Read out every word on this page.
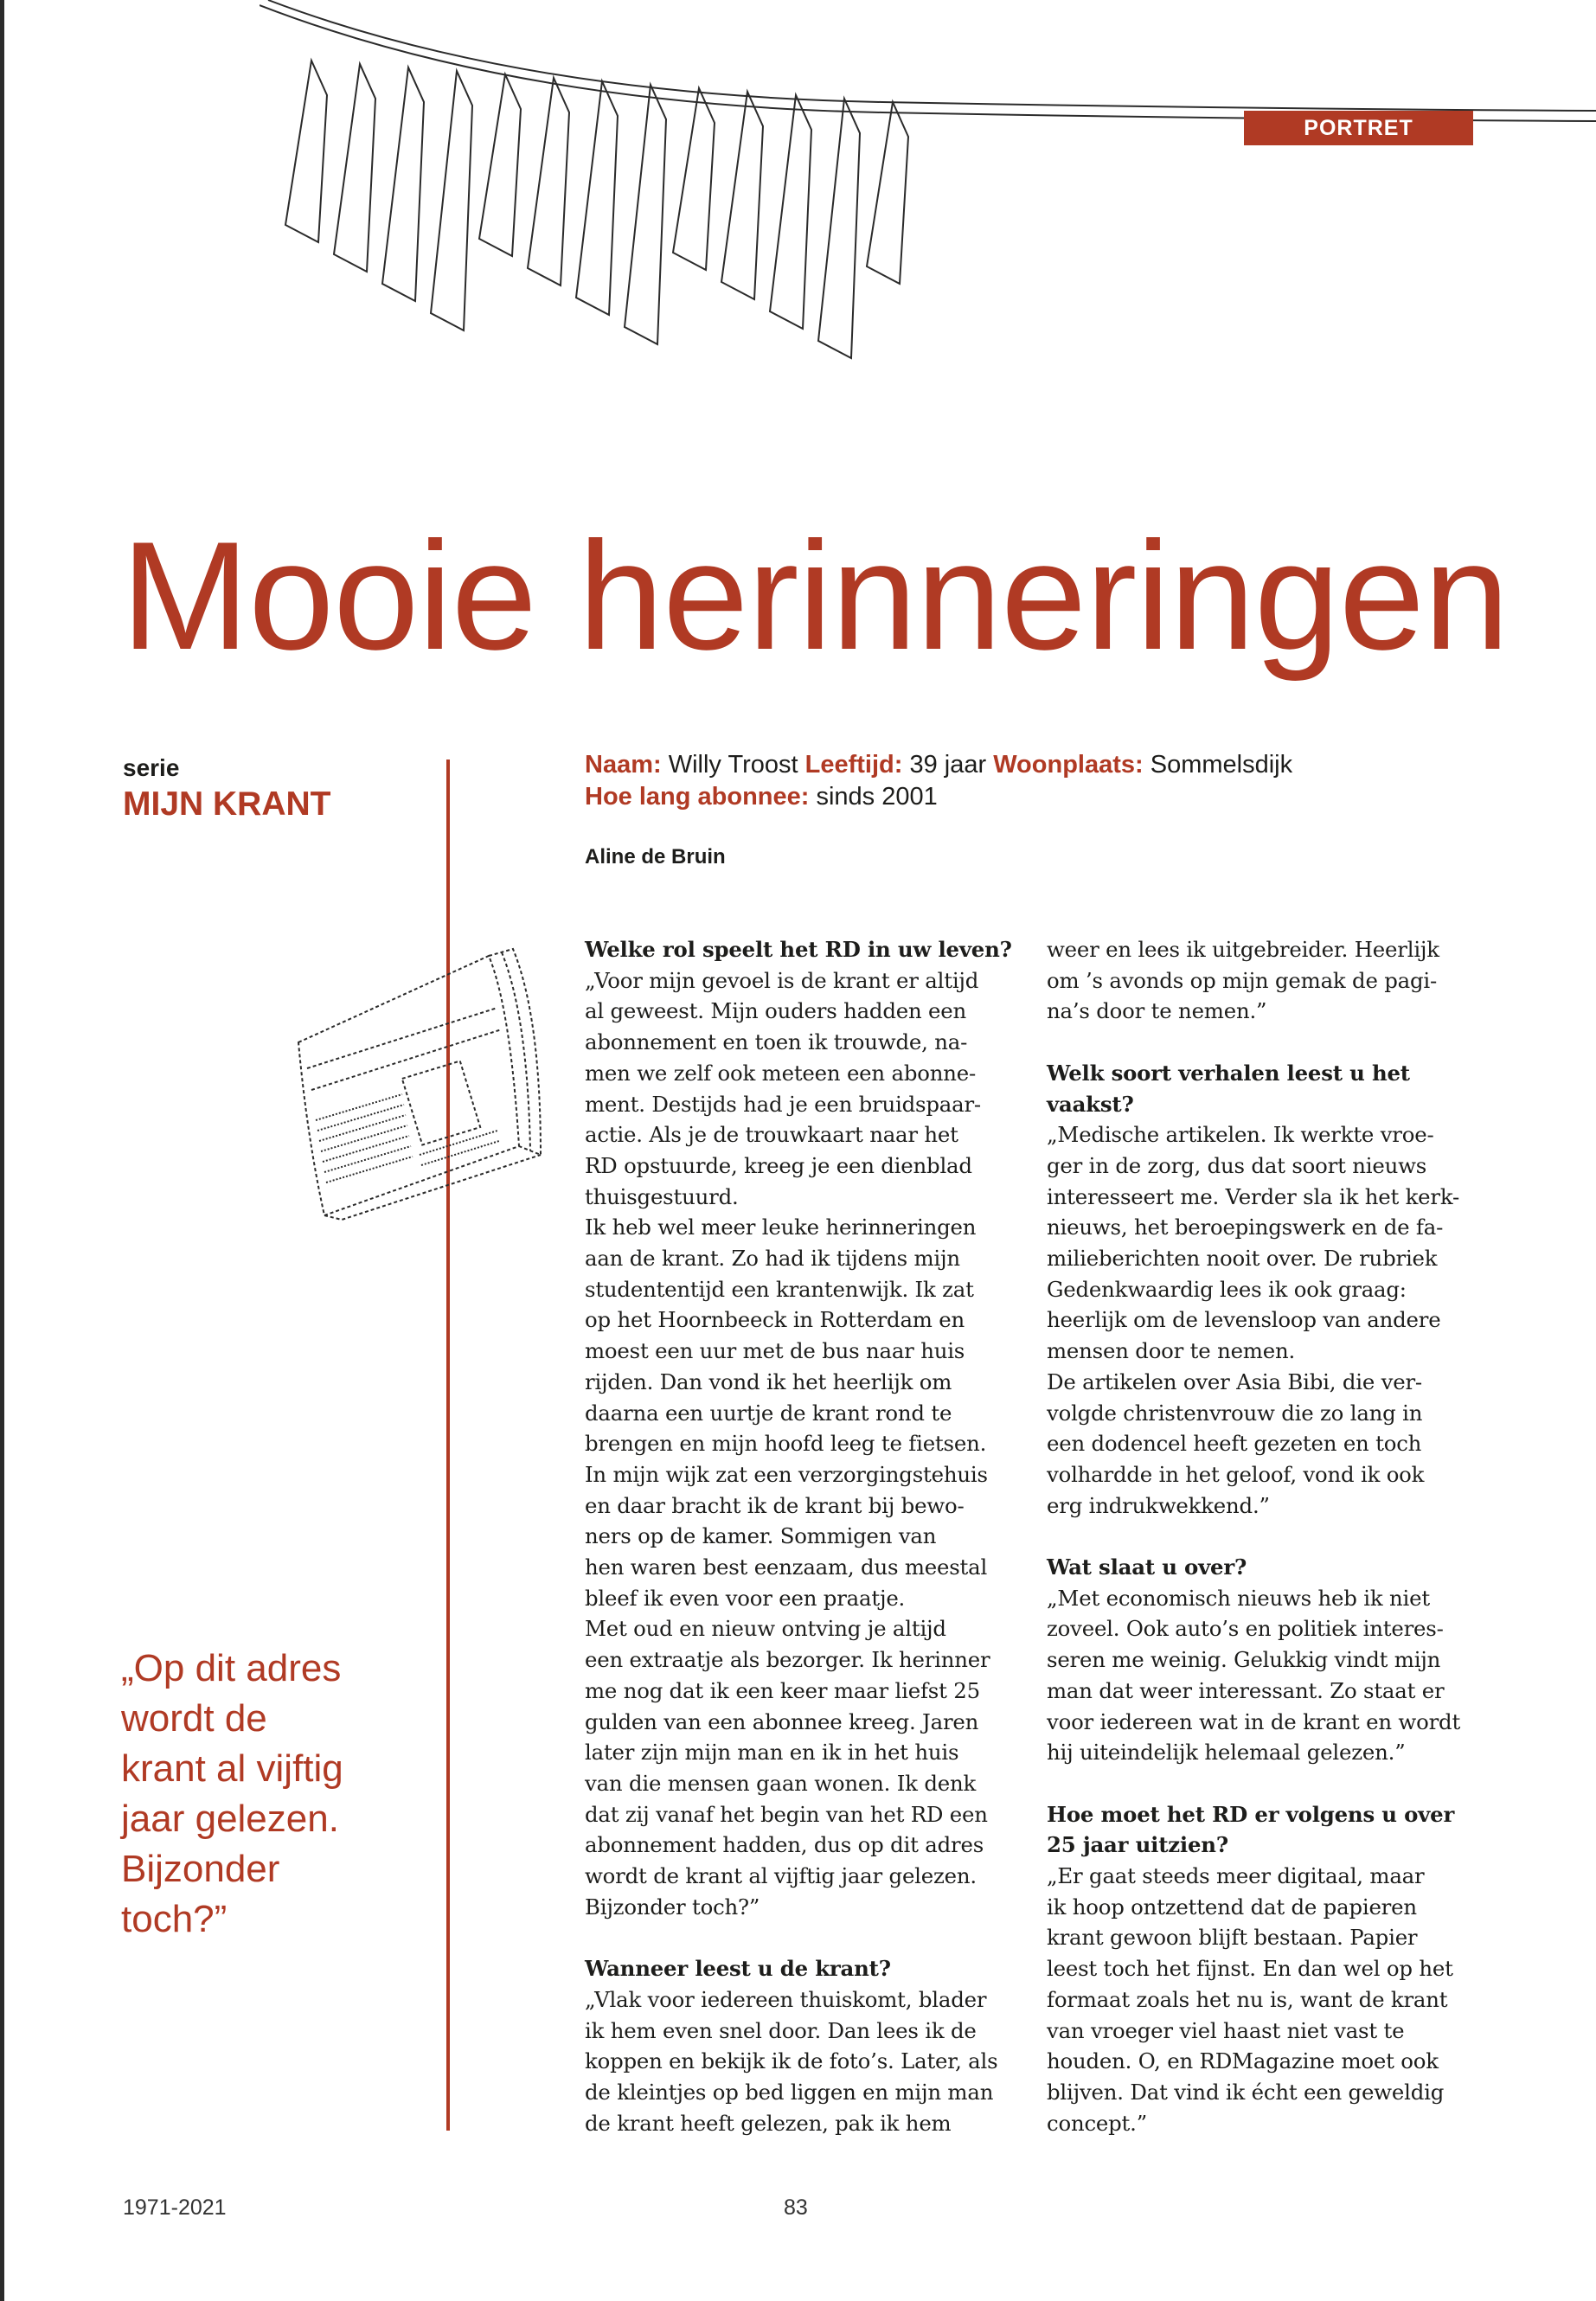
PORTRET
Mooie herinneringen
serie
MIJN KRANT
Naam: Willy Troost Leeftijd: 39 jaar Woonplaats: Sommelsdijk
Hoe lang abonnee: sinds 2001
Aline de Bruin
„Op dit adres
wordt de
krant al vijftig
jaar gelezen.
Bijzonder
toch?”

Welke rol speelt het RD in uw leven?

„Voor mijn gevoel is de krant er altijd

al geweest. Mijn ouders hadden een

abonnement en toen ik trouwde, na-

men we zelf ook meteen een abonne-

ment. Destijds had je een bruidspaar-

actie. Als je de trouwkaart naar het

RD opstuurde, kreeg je een dienblad

thuisgestuurd.

Ik heb wel meer leuke herinneringen

aan de krant. Zo had ik tijdens mijn

studententijd een krantenwijk. Ik zat

op het Hoornbeeck in Rotterdam en

moest een uur met de bus naar huis

rijden. Dan vond ik het heerlijk om

daarna een uurtje de krant rond te

brengen en mijn hoofd leeg te fietsen.

In mijn wijk zat een verzorgingstehuis

en daar bracht ik de krant bij bewo-

ners op de kamer. Sommigen van

hen waren best eenzaam, dus meestal

bleef ik even voor een praatje.

Met oud en nieuw ontving je altijd

een extraatje als bezorger. Ik herinner

me nog dat ik een keer maar liefst 25

gulden van een abonnee kreeg. Jaren

later zijn mijn man en ik in het huis

van die mensen gaan wonen. Ik denk

dat zij vanaf het begin van het RD een

abonnement hadden, dus op dit adres

wordt de krant al vijftig jaar gelezen.

Bijzonder toch?”

Wanneer leest u de krant?

„Vlak voor iedereen thuiskomt, blader

ik hem even snel door. Dan lees ik de

koppen en bekijk ik de foto’s. Later, als

de kleintjes op bed liggen en mijn man

de krant heeft gelezen, pak ik hem

weer en lees ik uitgebreider. Heerlijk

om ’s avonds op mijn gemak de pagi-

na’s door te nemen.”

Welk soort verhalen leest u het

vaakst?

„Medische artikelen. Ik werkte vroe-

ger in de zorg, dus dat soort nieuws

interesseert me. Verder sla ik het kerk-

nieuws, het beroepingswerk en de fa-

milieberichten nooit over. De rubriek

Gedenkwaardig lees ik ook graag:

heerlijk om de levensloop van andere

mensen door te nemen.

De artikelen over Asia Bibi, die ver-

volgde christenvrouw die zo lang in

een dodencel heeft gezeten en toch

volhardde in het geloof, vond ik ook

erg indrukwekkend.”

Wat slaat u over?

„Met economisch nieuws heb ik niet

zoveel. Ook auto’s en politiek interes-

seren me weinig. Gelukkig vindt mijn

man dat weer interessant. Zo staat er

voor iedereen wat in de krant en wordt

hij uiteindelijk helemaal gelezen.”

Hoe moet het RD er volgens u over

25 jaar uitzien?

„Er gaat steeds meer digitaal, maar

ik hoop ontzettend dat de papieren

krant gewoon blijft bestaan. Papier

leest toch het fijnst. En dan wel op het

formaat zoals het nu is, want de krant

van vroeger viel haast niet vast te

houden. O, en RDMagazine moet ook

blijven. Dat vind ik écht een geweldig

concept.”

1971-2021	83
